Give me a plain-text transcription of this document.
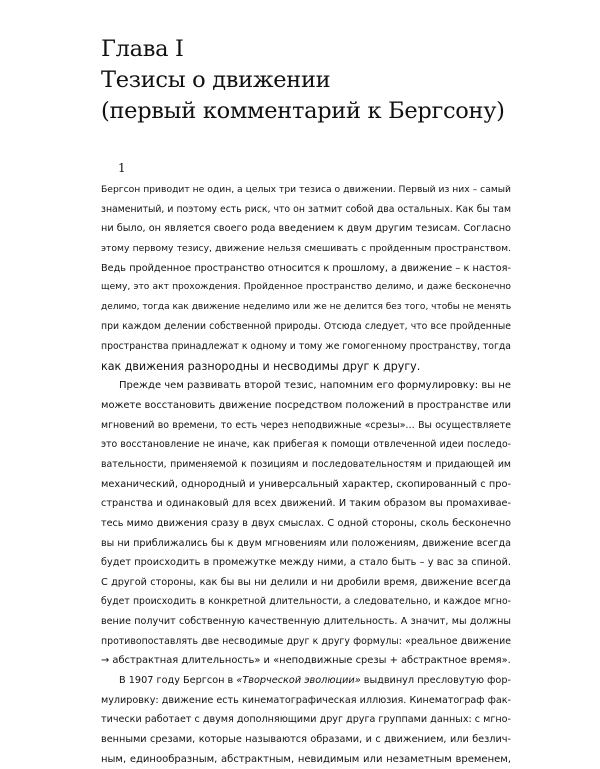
Глава I
Тезисы о движении
(первый комментарий к Бергсону)
1

Бергсон приводит не один, а целых три тезиса о движении. Первый из них – самый
знаменитый, и поэтому есть риск, что он затмит собой два остальных. Как бы там
ни было, он является своего рода введением к двум другим тезисам. Согласно
этому первому тезису, движение нельзя смешивать с пройденным пространством.
Ведь пройденное пространство относится к прошлому, а движение – к настоя-
щему, это акт прохождения. Пройденное пространство делимо, и даже бесконечно
делимо, тогда как движение неделимо или же не делится без того, чтобы не менять
при каждом делении собственной природы. Отсюда следует, что все пройденные
пространства принадлежат к одному и тому же гомогенному пространству, тогда
как движения разнородны и несводимы друг к другу.

Прежде чем развивать второй тезис, напомним его формулировку: вы не
можете восстановить движение посредством положений в пространстве или
мгновений во времени, то есть через неподвижные «срезы»… Вы осуществляете
это восстановление не иначе, как прибегая к помощи отвлеченной идеи последо-
вательности, применяемой к позициям и последовательностям и придающей им
механический, однородный и универсальный характер, скопированный с про-
странства и одинаковый для всех движений. И таким образом вы промахивае-
тесь мимо движения сразу в двух смыслах. С одной стороны, сколь бесконечно
вы ни приближались бы к двум мгновениям или положениям, движение всегда
будет происходить в промежутке между ними, а стало быть – у вас за спиной.
С другой стороны, как бы вы ни делили и ни дробили время, движение всегда
будет происходить в конкретной длительности, а следовательно, и каждое мгно-
вение получит собственную качественную длительность. А значит, мы должны
противопоставлять две несводимые друг к другу формулы: «реальное движение
→ абстрактная длительность» и «неподвижные срезы + абстрактное время».

В 1907 году Бергсон в «Творческой эволюции» выдвинул пресловутую фор-
мулировку: движение есть кинематографическая иллюзия. Кинематограф фак-
тически работает с двумя дополняющими друг друга группами данных: с мгно-
венными срезами, которые называются образами, и с движением, или безлич-
ным, единообразным, абстрактным, невидимым или незаметным временем,
